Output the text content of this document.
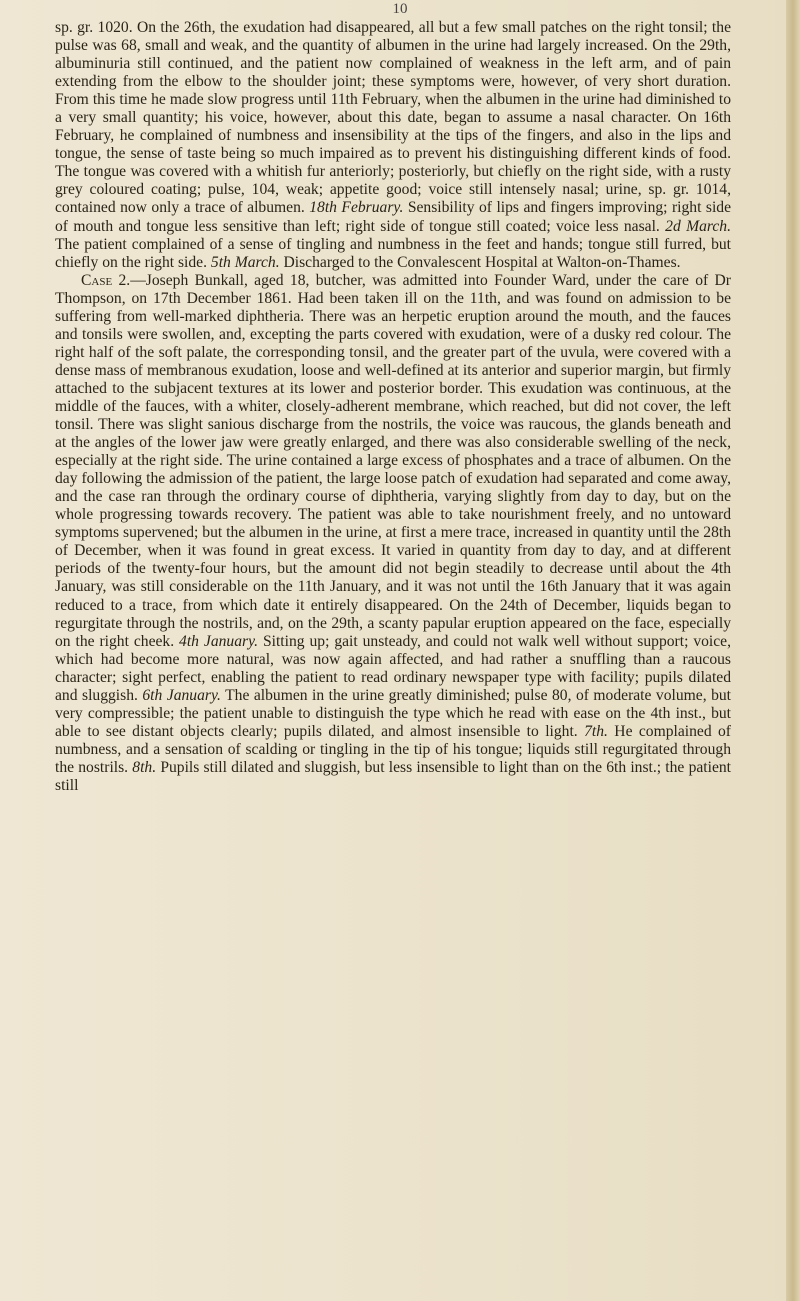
10

sp. gr. 1020. On the 26th, the exudation had disappeared, all but a few small patches on the right tonsil; the pulse was 68, small and weak, and the quantity of albumen in the urine had largely increased. On the 29th, albuminuria still continued, and the patient now complained of weakness in the left arm, and of pain extending from the elbow to the shoulder joint; these symptoms were, however, of very short duration. From this time he made slow progress until 11th February, when the albumen in the urine had diminished to a very small quantity; his voice, however, about this date, began to assume a nasal character. On 16th February, he complained of numbness and insensibility at the tips of the fingers, and also in the lips and tongue, the sense of taste being so much impaired as to prevent his distinguishing different kinds of food. The tongue was covered with a whitish fur anteriorly; posteriorly, but chiefly on the right side, with a rusty grey coloured coating; pulse, 104, weak; appetite good; voice still intensely nasal; urine, sp. gr. 1014, contained now only a trace of albumen. 18th February. Sensibility of lips and fingers improving; right side of mouth and tongue less sensitive than left; right side of tongue still coated; voice less nasal. 2d March. The patient complained of a sense of tingling and numbness in the feet and hands; tongue still furred, but chiefly on the right side. 5th March. Discharged to the Convalescent Hospital at Walton-on-Thames.

Case 2.—Joseph Bunkall, aged 18, butcher, was admitted into Founder Ward, under the care of Dr Thompson, on 17th December 1861. Had been taken ill on the 11th, and was found on admission to be suffering from well-marked diphtheria. There was an herpetic eruption around the mouth, and the fauces and tonsils were swollen, and, excepting the parts covered with exudation, were of a dusky red colour. The right half of the soft palate, the corresponding tonsil, and the greater part of the uvula, were covered with a dense mass of membranous exudation, loose and well-defined at its anterior and superior margin, but firmly attached to the subjacent textures at its lower and posterior border. This exudation was continuous, at the middle of the fauces, with a whiter, closely-adherent membrane, which reached, but did not cover, the left tonsil. There was slight sanious discharge from the nostrils, the voice was raucous, the glands beneath and at the angles of the lower jaw were greatly enlarged, and there was also considerable swelling of the neck, especially at the right side. The urine contained a large excess of phosphates and a trace of albumen. On the day following the admission of the patient, the large loose patch of exudation had separated and come away, and the case ran through the ordinary course of diphtheria, varying slightly from day to day, but on the whole progressing towards recovery. The patient was able to take nourishment freely, and no untoward symptoms supervened; but the albumen in the urine, at first a mere trace, increased in quantity until the 28th of December, when it was found in great excess. It varied in quantity from day to day, and at different periods of the twenty-four hours, but the amount did not begin steadily to decrease until about the 4th January, was still considerable on the 11th January, and it was not until the 16th January that it was again reduced to a trace, from which date it entirely disappeared. On the 24th of December, liquids began to regurgitate through the nostrils, and, on the 29th, a scanty papular eruption appeared on the face, especially on the right cheek. 4th January. Sitting up; gait unsteady, and could not walk well without support; voice, which had become more natural, was now again affected, and had rather a snuffling than a raucous character; sight perfect, enabling the patient to read ordinary newspaper type with facility; pupils dilated and sluggish. 6th January. The albumen in the urine greatly diminished; pulse 80, of moderate volume, but very compressible; the patient unable to distinguish the type which he read with ease on the 4th inst., but able to see distant objects clearly; pupils dilated, and almost insensible to light. 7th. He complained of numbness, and a sensation of scalding or tingling in the tip of his tongue; liquids still regurgitated through the nostrils. 8th. Pupils still dilated and sluggish, but less insensible to light than on the 6th inst.; the patient still
